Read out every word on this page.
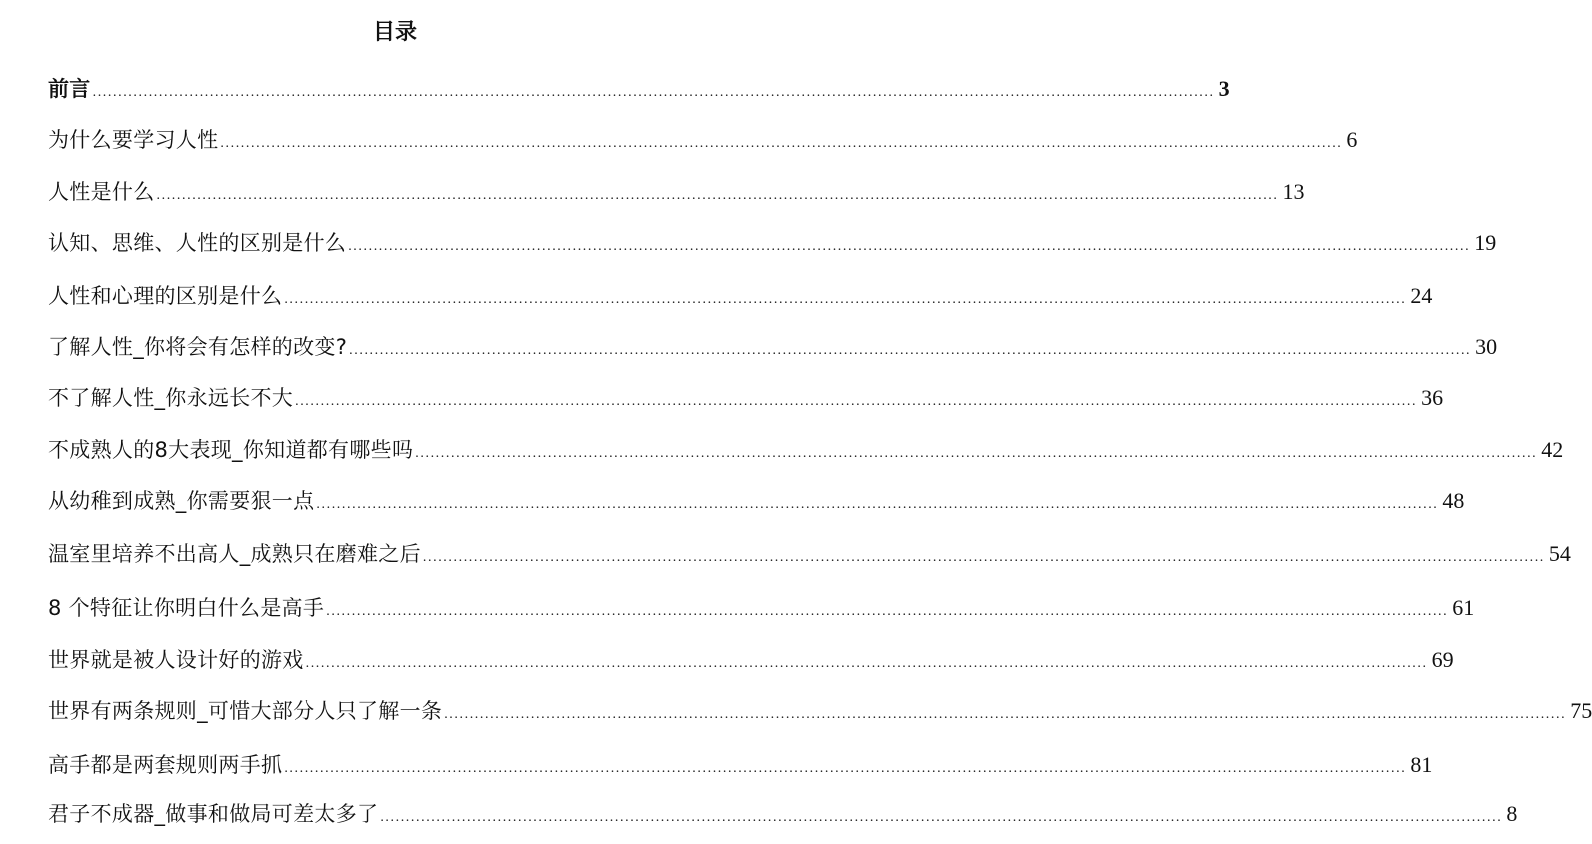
目录
前言 ............................................................................................................................................................................................................................ 3
为什么要学习人性 ............................................................................................................................................................................................................................ 6
人性是什么 ............................................................................................................................................................................................................................ 13
认知、思维、人性的区别是什么 ............................................................................................................................................................................................................................ 19
人性和心理的区别是什么 ............................................................................................................................................................................................................................ 24
了解人性_你将会有怎样的改变? ............................................................................................................................................................................................................................ 30
不了解人性_你永远长不大 ............................................................................................................................................................................................................................ 36
不成熟人的8大表现_你知道都有哪些吗 ............................................................................................................................................................................................................................ 42
从幼稚到成熟_你需要狠一点 ............................................................................................................................................................................................................................ 48
温室里培养不出高人_成熟只在磨难之后 ............................................................................................................................................................................................................................ 54
8 个特征让你明白什么是高手 ............................................................................................................................................................................................................................ 61
世界就是被人设计好的游戏 ............................................................................................................................................................................................................................ 69
世界有两条规则_可惜大部分人只了解一条 ............................................................................................................................................................................................................................ 75
高手都是两套规则两手抓 ............................................................................................................................................................................................................................ 81
君子不成器_做事和做局可差太多了 ............................................................................................................................................................................................................................ 8
